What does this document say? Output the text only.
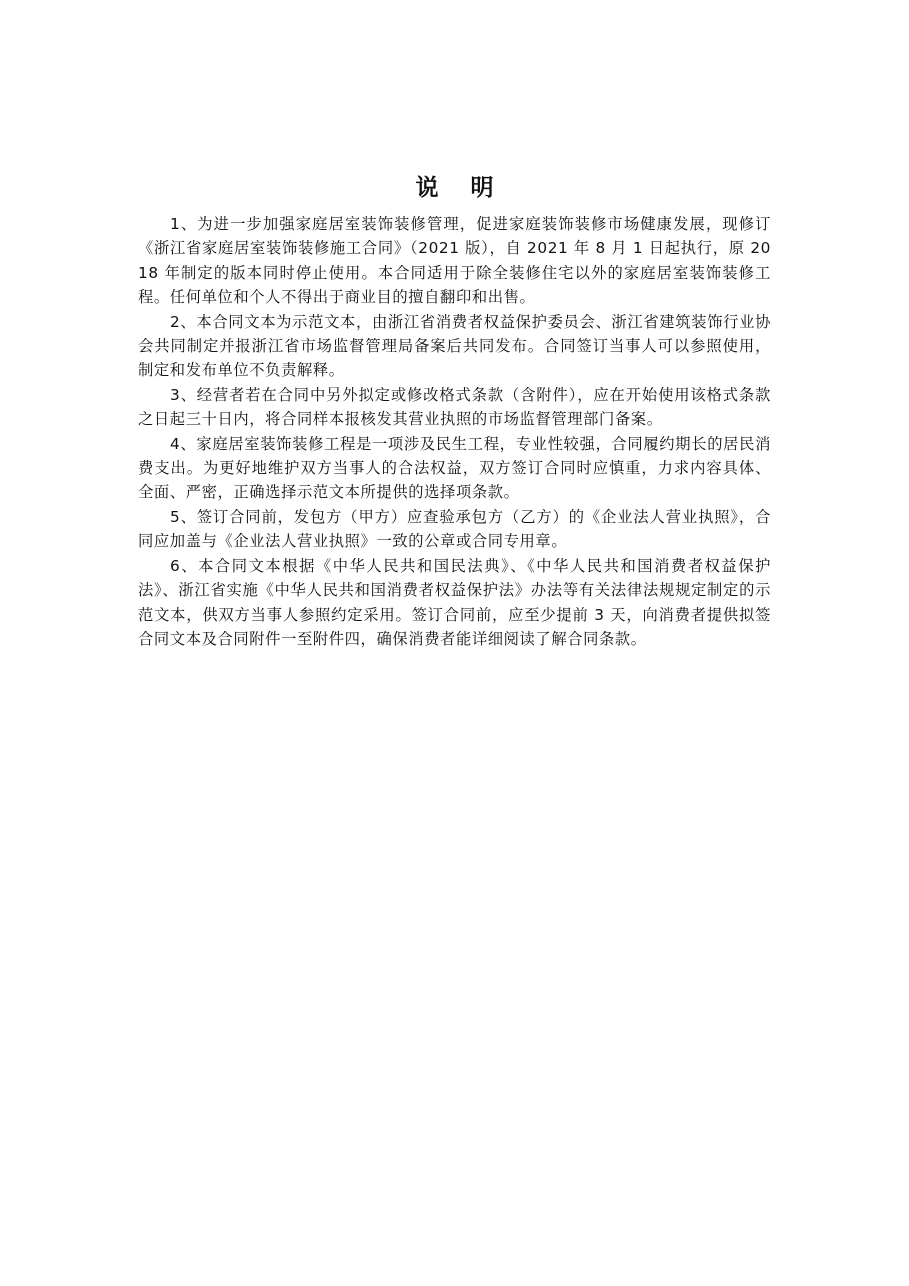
说 明

1、为进一步加强家庭居室装饰装修管理，促进家庭装饰装修市场健康发展，现修订《浙江省家庭居室装饰装修施工合同》（2021 版），自 2021 年 8 月 1 日起执行，原 2018 年制定的版本同时停止使用。本合同适用于除全装修住宅以外的家庭居室装饰装修工程。任何单位和个人不得出于商业目的擅自翻印和出售。

2、本合同文本为示范文本，由浙江省消费者权益保护委员会、浙江省建筑装饰行业协会共同制定并报浙江省市场监督管理局备案后共同发布。合同签订当事人可以参照使用，制定和发布单位不负责解释。

3、经营者若在合同中另外拟定或修改格式条款（含附件），应在开始使用该格式条款之日起三十日内，将合同样本报核发其营业执照的市场监督管理部门备案。

4、家庭居室装饰装修工程是一项涉及民生工程，专业性较强，合同履约期长的居民消费支出。为更好地维护双方当事人的合法权益，双方签订合同时应慎重，力求内容具体、全面、严密，正确选择示范文本所提供的选择项条款。

5、签订合同前，发包方（甲方）应查验承包方（乙方）的《企业法人营业执照》，合同应加盖与《企业法人营业执照》一致的公章或合同专用章。

6、本合同文本根据《中华人民共和国民法典》、《中华人民共和国消费者权益保护法》、浙江省实施《中华人民共和国消费者权益保护法》办法等有关法律法规规定制定的示范文本，供双方当事人参照约定采用。签订合同前，应至少提前 3 天，向消费者提供拟签合同文本及合同附件一至附件四，确保消费者能详细阅读了解合同条款。
